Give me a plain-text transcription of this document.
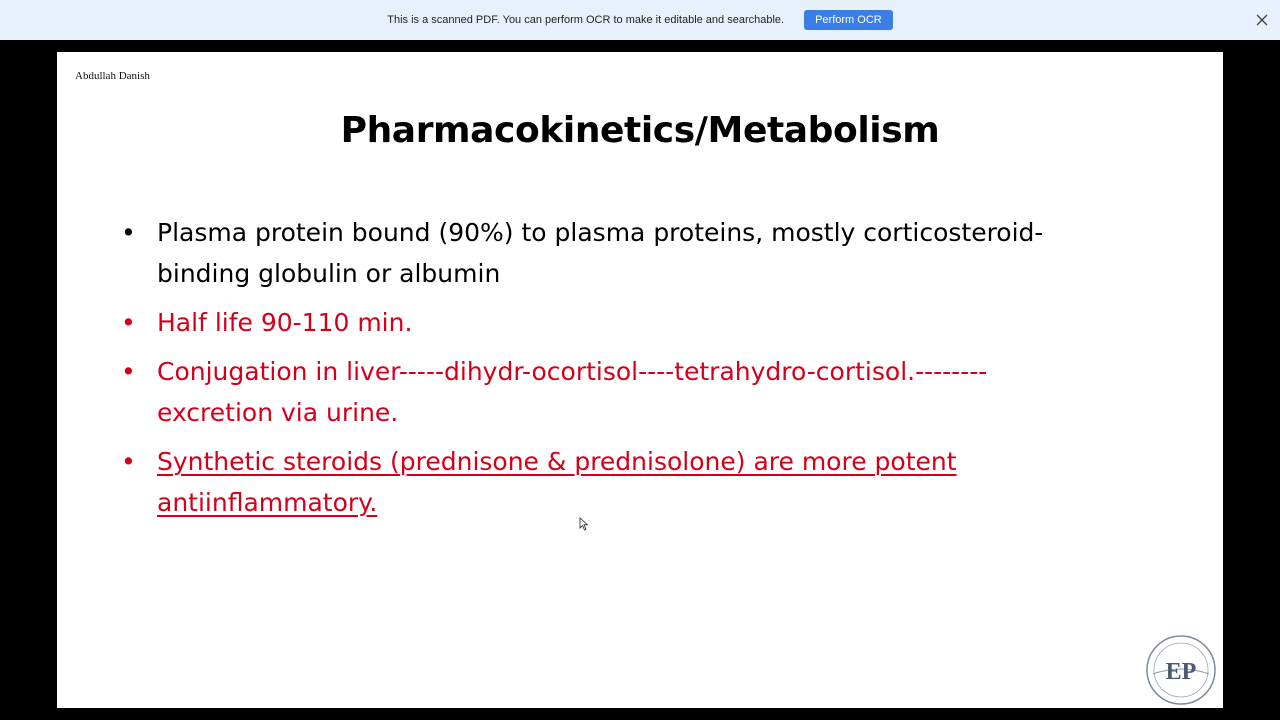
This is a scanned PDF. You can perform OCR to make it editable and searchable.	Perform OCR
Abdullah Danish
Pharmacokinetics/Metabolism
• Plasma protein bound (90%) to plasma proteins, mostly corticosteroid-
binding globulin or albumin
• Half life 90-110 min.
• Conjugation in liver-----dihydr-ocortisol----tetrahydro-cortisol.--------
excretion via urine.
• Synthetic steroids (prednisone & prednisolone) are more potent
antiinflammatory.
EP
